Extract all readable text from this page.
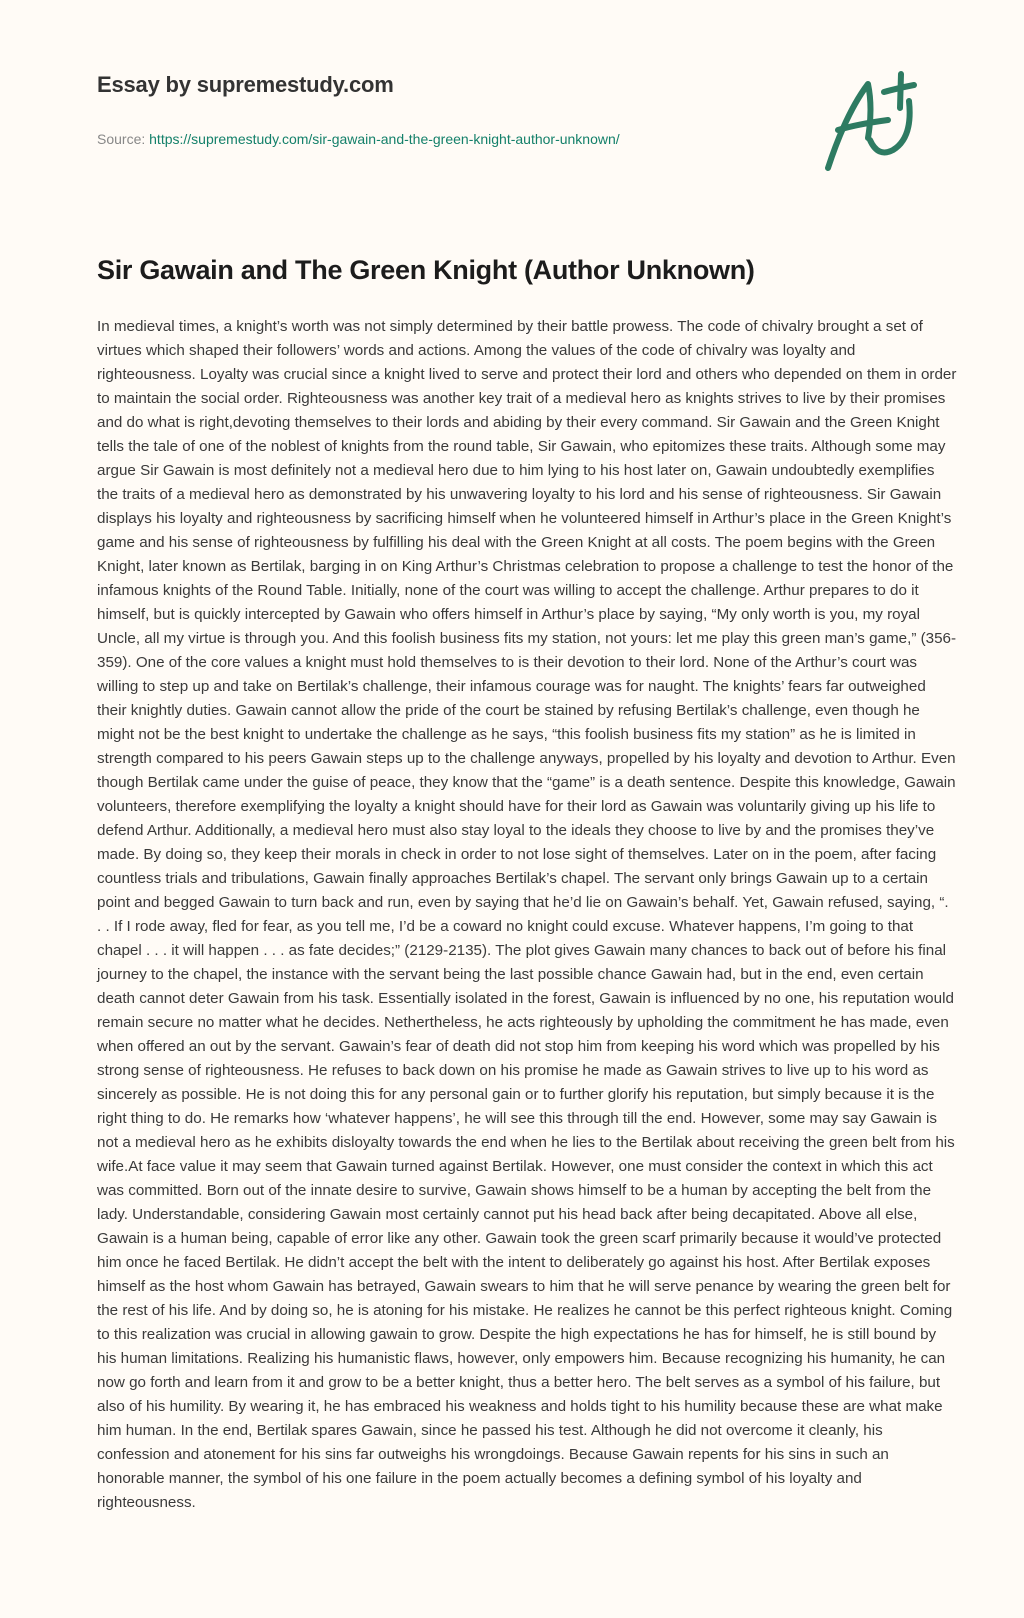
Essay by supremestudy.com
Source: https://supremestudy.com/sir-gawain-and-the-green-knight-author-unknown/
Sir Gawain and The Green Knight (Author Unknown)

In medieval times, a knight’s worth was not simply determined by their battle prowess. The code of chivalry brought a set of virtues which shaped their followers’ words and actions. Among the values of the code of chivalry was loyalty and righteousness. Loyalty was crucial since a knight lived to serve and protect their lord and others who depended on them in order to maintain the social order. Righteousness was another key trait of a medieval hero as knights strives to live by their promises and do what is right,devoting themselves to their lords and abiding by their every command. Sir Gawain and the Green Knight tells the tale of one of the noblest of knights from the round table, Sir Gawain, who epitomizes these traits. Although some may argue Sir Gawain is most definitely not a medieval hero due to him lying to his host later on, Gawain undoubtedly exemplifies the traits of a medieval hero as demonstrated by his unwavering loyalty to his lord and his sense of righteousness. Sir Gawain displays his loyalty and righteousness by sacrificing himself when he volunteered himself in Arthur’s place in the Green Knight’s game and his sense of righteousness by fulfilling his deal with the Green Knight at all costs. The poem begins with the Green Knight, later known as Bertilak, barging in on King Arthur’s Christmas celebration to propose a challenge to test the honor of the infamous knights of the Round Table. Initially, none of the court was willing to accept the challenge. Arthur prepares to do it himself, but is quickly intercepted by Gawain who offers himself in Arthur’s place by saying, “My only worth is you, my royal Uncle, all my virtue is through you. And this foolish business fits my station, not yours: let me play this green man’s game,” (356-359). One of the core values a knight must hold themselves to is their devotion to their lord. None of the Arthur’s court was willing to step up and take on Bertilak’s challenge, their infamous courage was for naught. The knights’ fears far outweighed their knightly duties. Gawain cannot allow the pride of the court be stained by refusing Bertilak’s challenge, even though he might not be the best knight to undertake the challenge as he says, “this foolish business fits my station” as he is limited in strength compared to his peers Gawain steps up to the challenge anyways, propelled by his loyalty and devotion to Arthur. Even though Bertilak came under the guise of peace, they know that the “game” is a death sentence. Despite this knowledge, Gawain volunteers, therefore exemplifying the loyalty a knight should have for their lord as Gawain was voluntarily giving up his life to defend Arthur. Additionally, a medieval hero must also stay loyal to the ideals they choose to live by and the promises they’ve made. By doing so, they keep their morals in check in order to not lose sight of themselves. Later on in the poem, after facing countless trials and tribulations, Gawain finally approaches Bertilak’s chapel. The servant only brings Gawain up to a certain point and begged Gawain to turn back and run, even by saying that he’d lie on Gawain’s behalf. Yet, Gawain refused, saying, “. . . If I rode away, fled for fear, as you tell me, I’d be a coward no knight could excuse. Whatever happens, I’m going to that chapel . . . it will happen . . . as fate decides;” (2129-2135). The plot gives Gawain many chances to back out of before his final journey to the chapel, the instance with the servant being the last possible chance Gawain had, but in the end, even certain death cannot deter Gawain from his task. Essentially isolated in the forest, Gawain is influenced by no one, his reputation would remain secure no matter what he decides. Nethertheless, he acts righteously by upholding the commitment he has made, even when offered an out by the servant. Gawain’s fear of death did not stop him from keeping his word which was propelled by his strong sense of righteousness. He refuses to back down on his promise he made as Gawain strives to live up to his word as sincerely as possible. He is not doing this for any personal gain or to further glorify his reputation, but simply because it is the right thing to do. He remarks how ‘whatever happens’, he will see this through till the end. However, some may say Gawain is not a medieval hero as he exhibits disloyalty towards the end when he lies to the Bertilak about receiving the green belt from his wife.At face value it may seem that Gawain turned against Bertilak. However, one must consider the context in which this act was committed. Born out of the innate desire to survive, Gawain shows himself to be a human by accepting the belt from the lady. Understandable, considering Gawain most certainly cannot put his head back after being decapitated. Above all else, Gawain is a human being, capable of error like any other. Gawain took the green scarf primarily because it would’ve protected him once he faced Bertilak. He didn’t accept the belt with the intent to deliberately go against his host. After Bertilak exposes himself as the host whom Gawain has betrayed, Gawain swears to him that he will serve penance by wearing the green belt for the rest of his life. And by doing so, he is atoning for his mistake. He realizes he cannot be this perfect righteous knight. Coming to this realization was crucial in allowing gawain to grow. Despite the high expectations he has for himself, he is still bound by his human limitations. Realizing his humanistic flaws, however, only empowers him. Because recognizing his humanity, he can now go forth and learn from it and grow to be a better knight, thus a better hero. The belt serves as a symbol of his failure, but also of his humility. By wearing it, he has embraced his weakness and holds tight to his humility because these are what make him human. In the end, Bertilak spares Gawain, since he passed his test. Although he did not overcome it cleanly, his confession and atonement for his sins far outweighs his wrongdoings. Because Gawain repents for his sins in such an honorable manner, the symbol of his one failure in the poem actually becomes a defining symbol of his loyalty and righteousness.
